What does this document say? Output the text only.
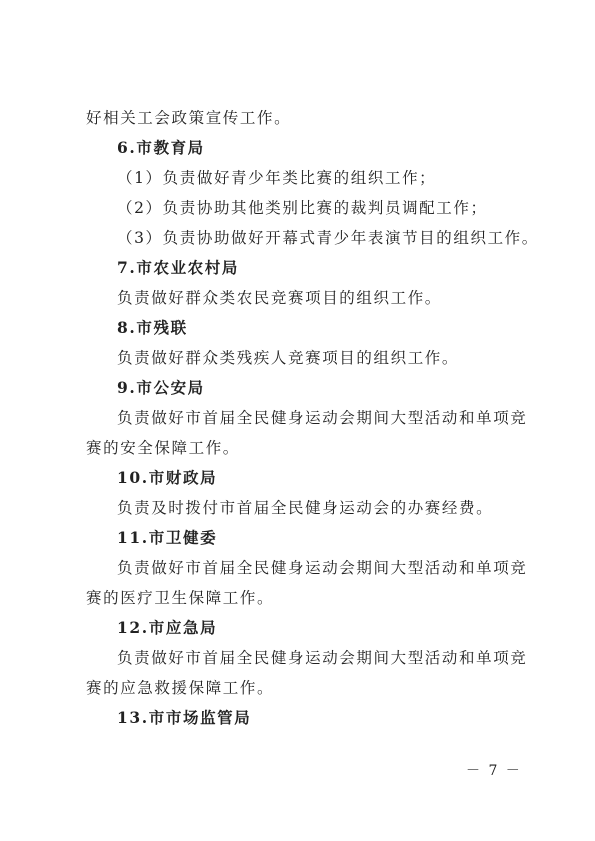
好相关工会政策宣传工作。
6.市教育局
（1）负责做好青少年类比赛的组织工作；
（2）负责协助其他类别比赛的裁判员调配工作；
（3）负责协助做好开幕式青少年表演节目的组织工作。
7.市农业农村局
负责做好群众类农民竞赛项目的组织工作。
8.市残联
负责做好群众类残疾人竞赛项目的组织工作。
9.市公安局
负责做好市首届全民健身运动会期间大型活动和单项竞
赛的安全保障工作。
10.市财政局
负责及时拨付市首届全民健身运动会的办赛经费。
11.市卫健委
负责做好市首届全民健身运动会期间大型活动和单项竞
赛的医疗卫生保障工作。
12.市应急局
负责做好市首届全民健身运动会期间大型活动和单项竞
赛的应急救援保障工作。
13.市市场监管局
－ 7 －
